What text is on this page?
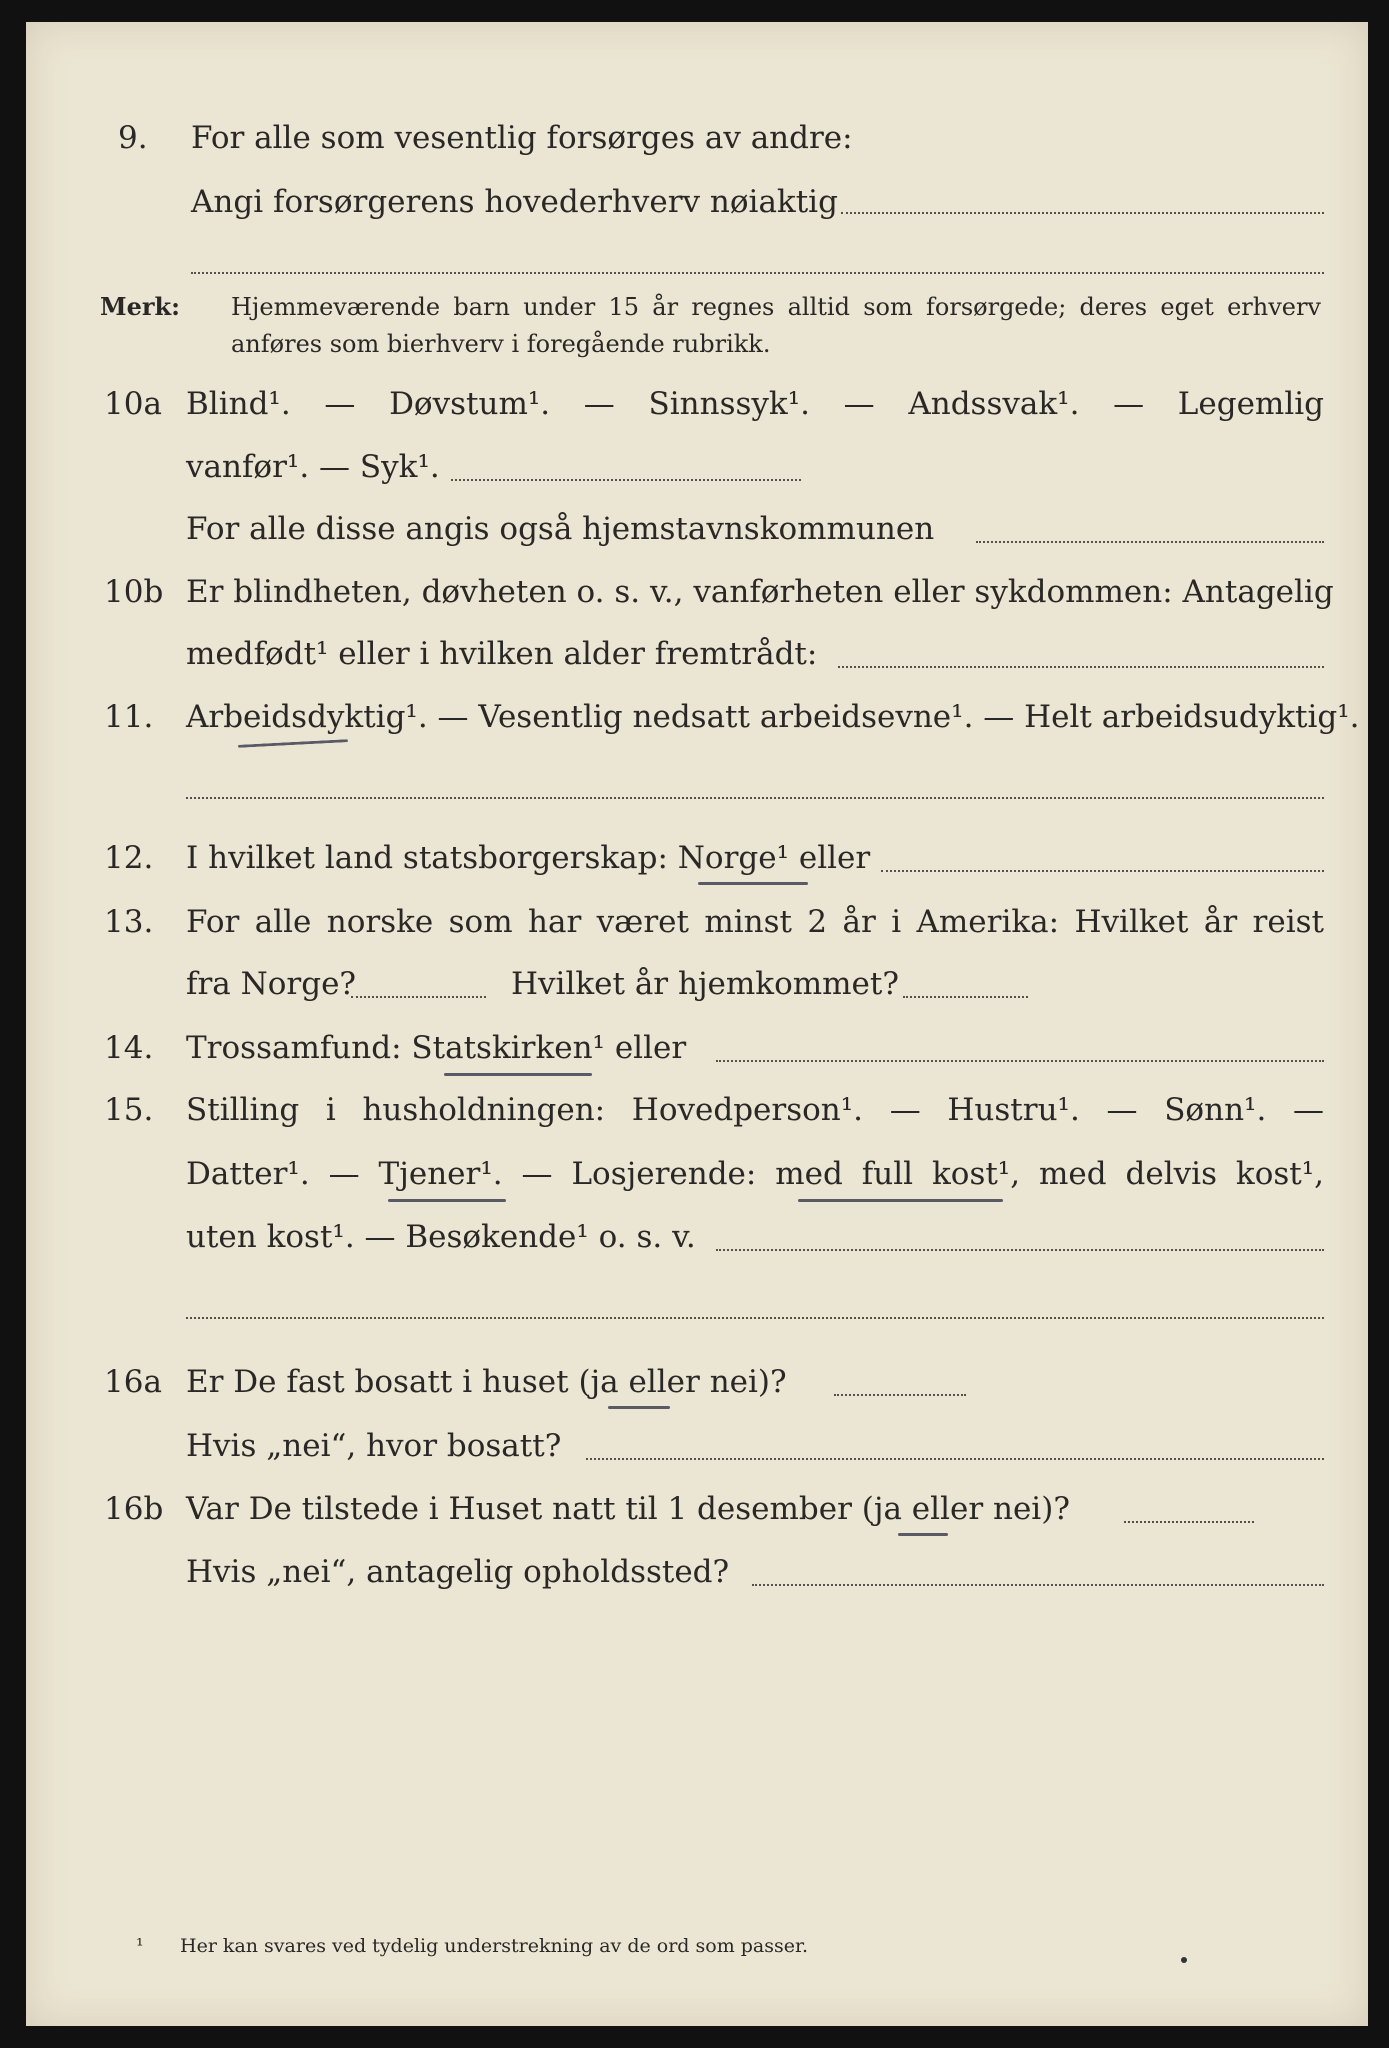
9. For alle som vesentlig forsørges av andre:
Angi forsørgerens hovederhverv nøiaktig
Merk: Hjemmeværende barn under 15 år regnes alltid som forsørgede; deres eget erhverv
anføres som bierhverv i foregående rubrikk.
10a Blind¹. — Døvstum¹. — Sinnssyk¹. — Andssvak¹. — Legemlig
vanfør¹. — Syk¹.
For alle disse angis også hjemstavnskommunen
10b Er blindheten, døvheten o. s. v., vanførheten eller sykdommen: Antagelig
medfødt¹ eller i hvilken alder fremtrådt:
11. Arbeidsdyktig¹. — Vesentlig nedsatt arbeidsevne¹. — Helt arbeidsudyktig¹.
12. I hvilket land statsborgerskap: Norge¹ eller
13. For alle norske som har været minst 2 år i Amerika: Hvilket år reist
fra Norge?	Hvilket år hjemkommet?
14. Trossamfund: Statskirken¹ eller
15. Stilling i husholdningen: Hovedperson¹. — Hustru¹. — Sønn¹. —
Datter¹. — Tjener¹. — Losjerende: med full kost¹, med delvis kost¹,
uten kost¹. — Besøkende¹ o. s. v.
16a Er De fast bosatt i huset (ja eller nei)?
Hvis „nei“, hvor bosatt?
16b Var De tilstede i Huset natt til 1 desember (ja eller nei)?
Hvis „nei“, antagelig opholdssted?
¹ Her kan svares ved tydelig understrekning av de ord som passer.
